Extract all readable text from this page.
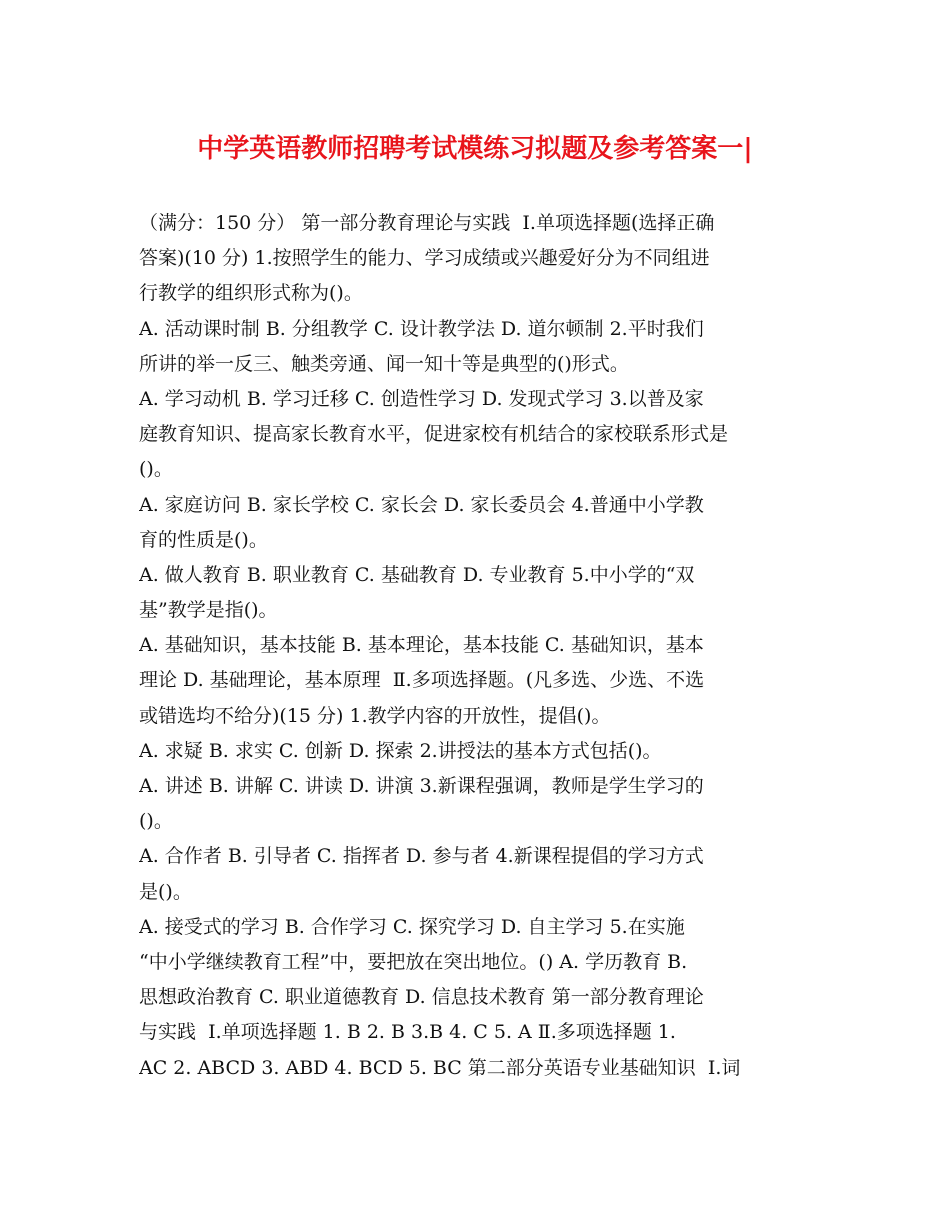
中学英语教师招聘考试模练习拟题及参考答案一|
（满分：150 分） 第一部分教育理论与实践  Ⅰ.单项选择题(选择正确
答案)(10 分) 1.按照学生的能力、学习成绩或兴趣爱好分为不同组进
行教学的组织形式称为()。
A. 活动课时制 B. 分组教学 C. 设计教学法 D. 道尔顿制 2.平时我们
所讲的举一反三、触类旁通、闻一知十等是典型的()形式。
A. 学习动机 B. 学习迁移 C. 创造性学习 D. 发现式学习 3.以普及家
庭教育知识、提高家长教育水平，促进家校有机结合的家校联系形式是
()。
A. 家庭访问 B. 家长学校 C. 家长会 D. 家长委员会 4.普通中小学教
育的性质是()。
A. 做人教育 B. 职业教育 C. 基础教育 D. 专业教育 5.中小学的“双
基”教学是指()。
A. 基础知识，基本技能 B. 基本理论，基本技能 C. 基础知识，基本
理论 D. 基础理论，基本原理  Ⅱ.多项选择题。(凡多选、少选、不选
或错选均不给分)(15 分) 1.教学内容的开放性，提倡()。
A. 求疑 B. 求实 C. 创新 D. 探索 2.讲授法的基本方式包括()。
A. 讲述 B. 讲解 C. 讲读 D. 讲演 3.新课程强调，教师是学生学习的
()。
A. 合作者 B. 引导者 C. 指挥者 D. 参与者 4.新课程提倡的学习方式
是()。
A. 接受式的学习 B. 合作学习 C. 探究学习 D. 自主学习 5.在实施
“中小学继续教育工程”中，要把放在突出地位。() A. 学历教育 B.
思想政治教育 C. 职业道德教育 D. 信息技术教育 第一部分教育理论
与实践  Ⅰ.单项选择题 1. B 2. B 3.B 4. C 5. A Ⅱ.多项选择题 1.
AC 2. ABCD 3. ABD 4. BCD 5. BC 第二部分英语专业基础知识  Ⅰ.词
